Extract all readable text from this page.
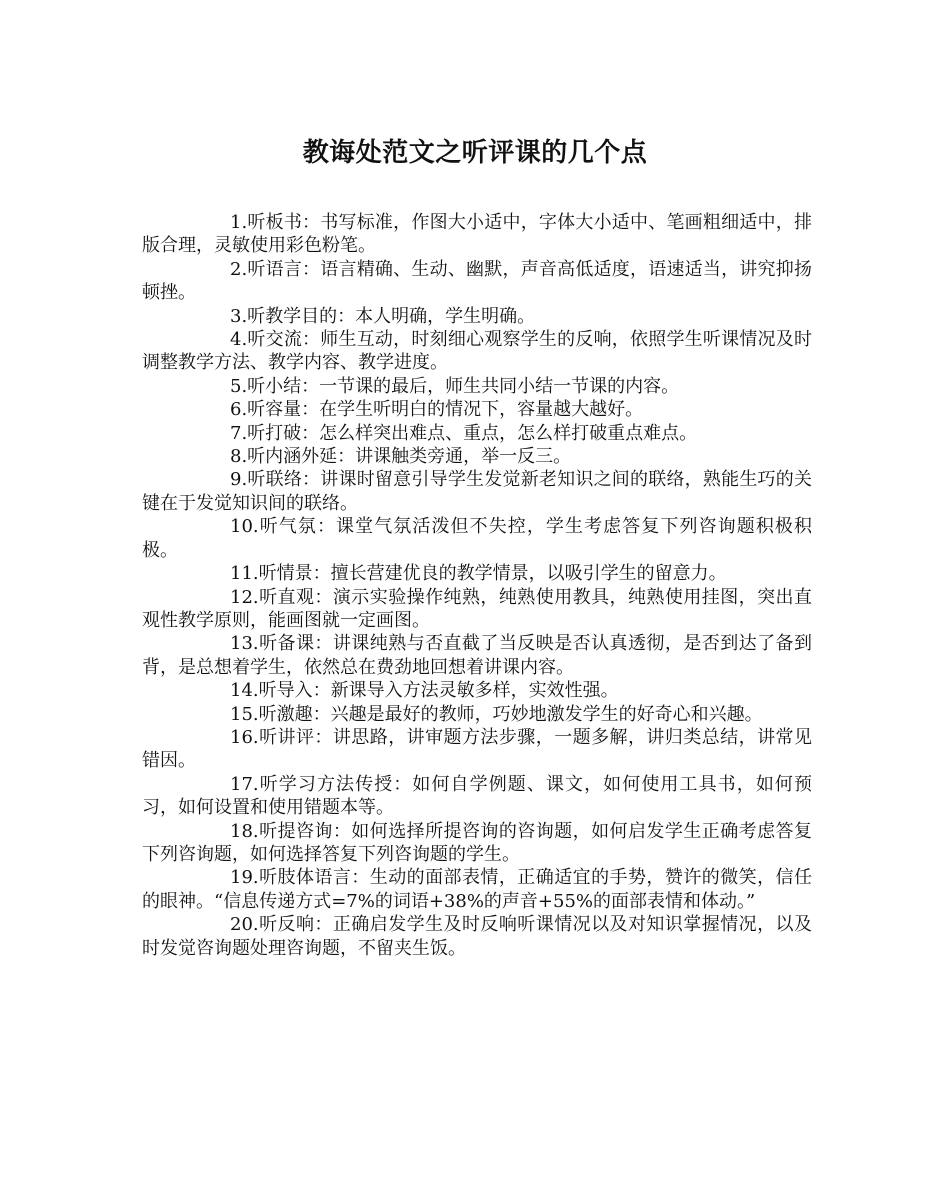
教诲处范文之听评课的几个点

1.听板书：书写标准，作图大小适中，字体大小适中、笔画粗细适中，排版合理，灵敏使用彩色粉笔。

2.听语言：语言精确、生动、幽默，声音高低适度，语速适当，讲究抑扬顿挫。

3.听教学目的：本人明确，学生明确。

4.听交流：师生互动，时刻细心观察学生的反响，依照学生听课情况及时调整教学方法、教学内容、教学进度。

5.听小结：一节课的最后，师生共同小结一节课的内容。

6.听容量：在学生听明白的情况下，容量越大越好。

7.听打破：怎么样突出难点、重点，怎么样打破重点难点。

8.听内涵外延：讲课触类旁通，举一反三。

9.听联络：讲课时留意引导学生发觉新老知识之间的联络，熟能生巧的关键在于发觉知识间的联络。

10.听气氛：课堂气氛活泼但不失控，学生考虑答复下列咨询题积极积极。

11.听情景：擅长营建优良的教学情景，以吸引学生的留意力。

12.听直观：演示实验操作纯熟，纯熟使用教具，纯熟使用挂图，突出直观性教学原则，能画图就一定画图。

13.听备课：讲课纯熟与否直截了当反映是否认真透彻，是否到达了备到背，是总想着学生，依然总在费劲地回想着讲课内容。

14.听导入：新课导入方法灵敏多样，实效性强。

15.听激趣：兴趣是最好的教师，巧妙地激发学生的好奇心和兴趣。

16.听讲评：讲思路，讲审题方法步骤，一题多解，讲归类总结，讲常见错因。

17.听学习方法传授：如何自学例题、课文，如何使用工具书，如何预习，如何设置和使用错题本等。

18.听提咨询：如何选择所提咨询的咨询题，如何启发学生正确考虑答复下列咨询题，如何选择答复下列咨询题的学生。

19.听肢体语言：生动的面部表情，正确适宜的手势，赞许的微笑，信任的眼神。“信息传递方式=7%的词语+38%的声音+55%的面部表情和体动。”

20.听反响：正确启发学生及时反响听课情况以及对知识掌握情况，以及时发觉咨询题处理咨询题，不留夹生饭。
